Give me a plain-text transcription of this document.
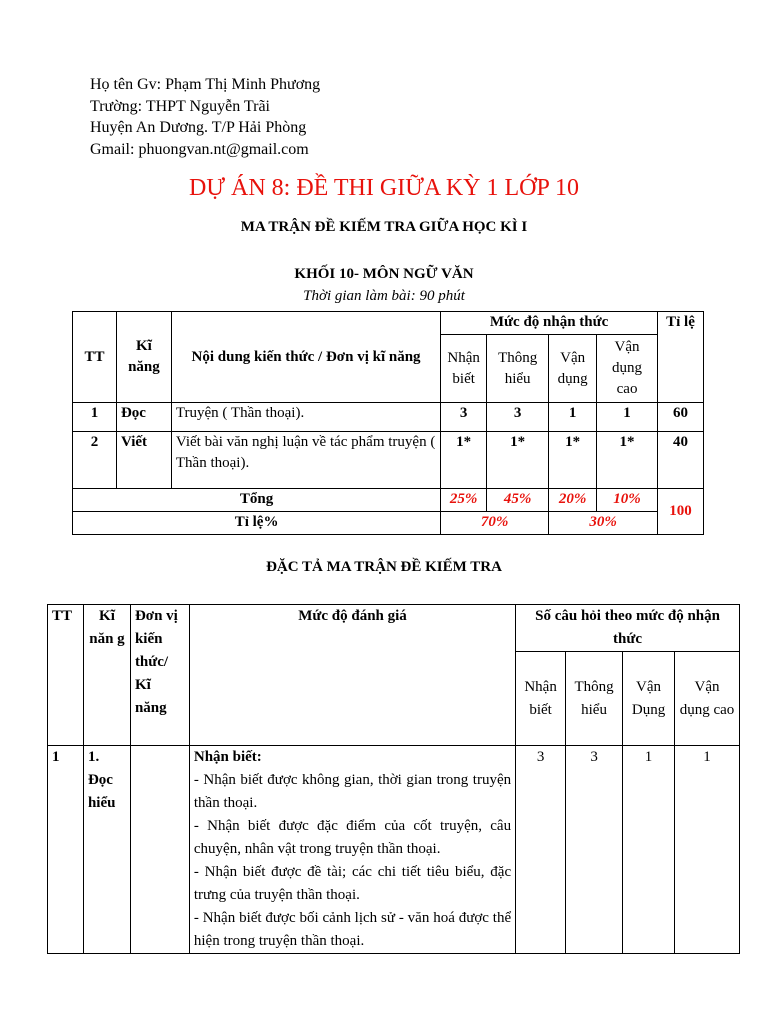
Họ tên Gv: Phạm Thị Minh Phương
Trường: THPT Nguyễn Trãi
Huyện An Dương. T/P Hải Phòng
Gmail: phuongvan.nt@gmail.com
DỰ ÁN 8: ĐỀ THI GIỮA KỲ 1 LỚP 10
MA TRẬN ĐỀ KIẾM TRA GIỮA HỌC KÌ I
KHỐI 10- MÔN NGỮ VĂN
Thời gian làm bài: 90 phút
TT	Kĩ năng	Nội dung kiến thức / Đơn vị kĩ năng	Mức độ nhận thức				Tỉ lệ
			Nhận biết	Thông hiểu	Vận dụng	Vận dụng cao	
1	Đọc	Truyện ( Thần thoại).	3	3	1	1	60
2	Viết	Viết bài văn nghị luận về tác phẩm truyện ( Thần thoại).	1*	1*	1*	1*	40
Tổng			25%	45%	20%	10%	100
Tỉ lệ%			70%		30%		
ĐẶC TẢ MA TRẬN ĐỀ KIẾM TRA
TT	Kĩ năn g	Đơn vị kiến thức/ Kĩ năng	Mức độ đánh giá	Số câu hỏi theo mức độ nhận thức			
				Nhận biết	Thông hiểu	Vận Dụng	Vận dụng cao
1	1. Đọc hiểu		Nhận biết:
- Nhận biết được không gian, thời gian trong truyện thần thoại.
- Nhận biết được đặc điểm của cốt truyện, câu chuyện, nhân vật trong truyện thần thoại.
- Nhận biết được đề tài; các chi tiết tiêu biểu, đặc trưng của truyện thần thoại.
- Nhận biết được bối cảnh lịch sử - văn hoá được thể hiện trong truyện thần thoại.	3	3	1	1
